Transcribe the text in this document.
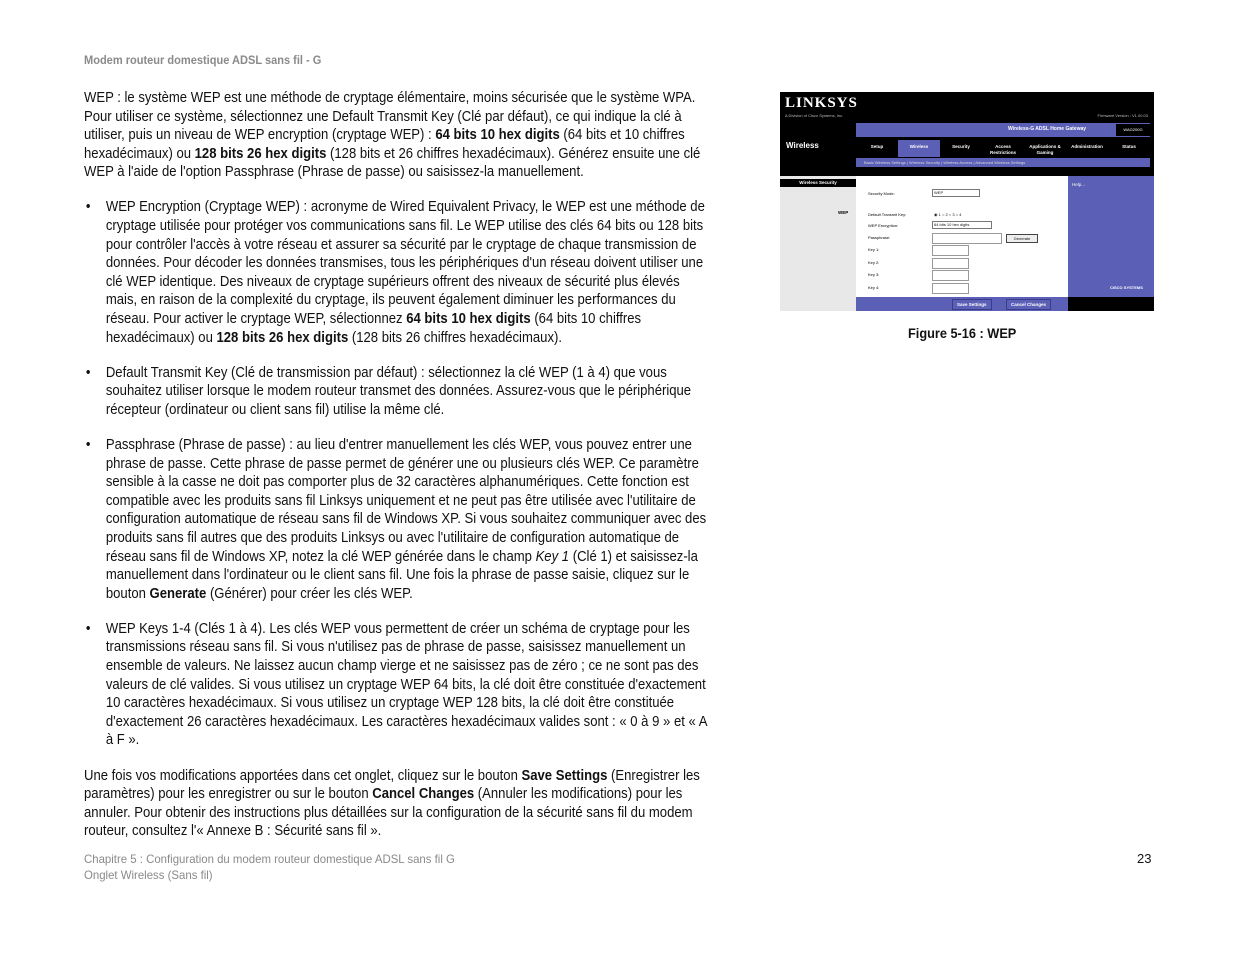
Modem routeur domestique ADSL sans fil - G

WEP : le système WEP est une méthode de cryptage élémentaire, moins sécurisée que le système WPA.
Pour utiliser ce système, sélectionnez une Default Transmit Key (Clé par défaut), ce qui indique la clé à utiliser, puis un niveau de WEP encryption (cryptage WEP) : 64 bits 10 hex digits (64 bits et 10 chiffres hexadécimaux) ou 128 bits 26 hex digits (128 bits et 26 chiffres hexadécimaux). Générez ensuite une clé WEP à l'aide de l'option Passphrase (Phrase de passe) ou saisissez-la manuellement.

• WEP Encryption (Cryptage WEP) : acronyme de Wired Equivalent Privacy, le WEP est une méthode de cryptage utilisée pour protéger vos communications sans fil. Le WEP utilise des clés 64 bits ou 128 bits pour contrôler l'accès à votre réseau et assurer sa sécurité par le cryptage de chaque transmission de données. Pour décoder les données transmises, tous les périphériques d'un réseau doivent utiliser une clé WEP identique. Des niveaux de cryptage supérieurs offrent des niveaux de sécurité plus élevés mais, en raison de la complexité du cryptage, ils peuvent également diminuer les performances du réseau. Pour activer le cryptage WEP, sélectionnez 64 bits 10 hex digits (64 bits 10 chiffres hexadécimaux) ou 128 bits 26 hex digits (128 bits 26 chiffres hexadécimaux).
• Default Transmit Key (Clé de transmission par défaut) : sélectionnez la clé WEP (1 à 4) que vous souhaitez utiliser lorsque le modem routeur transmet des données. Assurez-vous que le périphérique récepteur (ordinateur ou client sans fil) utilise la même clé.
• Passphrase (Phrase de passe) : au lieu d'entrer manuellement les clés WEP, vous pouvez entrer une phrase de passe. Cette phrase de passe permet de générer une ou plusieurs clés WEP. Ce paramètre sensible à la casse ne doit pas comporter plus de 32 caractères alphanumériques. Cette fonction est compatible avec les produits sans fil Linksys uniquement et ne peut pas être utilisée avec l'utilitaire de configuration automatique de réseau sans fil de Windows XP. Si vous souhaitez communiquer avec des produits sans fil autres que des produits Linksys ou avec l'utilitaire de configuration automatique de réseau sans fil de Windows XP, notez la clé WEP générée dans le champ Key 1 (Clé 1) et saisissez-la manuellement dans l'ordinateur ou le client sans fil. Une fois la phrase de passe saisie, cliquez sur le bouton Generate (Générer) pour créer les clés WEP.
• WEP Keys 1-4 (Clés 1 à 4). Les clés WEP vous permettent de créer un schéma de cryptage pour les transmissions réseau sans fil. Si vous n'utilisez pas de phrase de passe, saisissez manuellement un ensemble de valeurs. Ne laissez aucun champ vierge et ne saisissez pas de zéro ; ce ne sont pas des valeurs de clé valides. Si vous utilisez un cryptage WEP 64 bits, la clé doit être constituée d'exactement 10 caractères hexadécimaux. Si vous utilisez un cryptage WEP 128 bits, la clé doit être constituée d'exactement 26 caractères hexadécimaux. Les caractères hexadécimaux valides sont : « 0 à 9 » et « A à F ».

Une fois vos modifications apportées dans cet onglet, cliquez sur le bouton Save Settings (Enregistrer les paramètres) pour les enregistrer ou sur le bouton Cancel Changes (Annuler les modifications) pour les annuler. Pour obtenir des instructions plus détaillées sur la configuration de la sécurité sans fil du modem routeur, consultez l'« Annexe B : Sécurité sans fil ».

LINKSYS
A Division of Cisco Systems, Inc.	Firmware Version : V1.00.03
Wireless-G ADSL Home Gateway	WAG200G
Wireless	Setup	Wireless	Security	Access Restrictions
Applications & Gaming
Administration	Status
Basic Wireless Settings | Wireless Security | Wireless Access | Advanced Wireless Settings
Wireless Security
WEP
Help...
Security Mode:	WEP
Default Transmit Key:	◉ 1 ○ 2 ○ 3 ○ 4
WEP Encryption:	64 bits 10 hex digits
Passphrase:	Generate
Key 1:
Key 2:
Key 3:
Key 4:
Save Settings	Cancel Changes
CISCO SYSTEMS
Figure 5-16 : WEP
Chapitre 5 : Configuration du modem routeur domestique ADSL sans fil G
Onglet Wireless (Sans fil)
23
